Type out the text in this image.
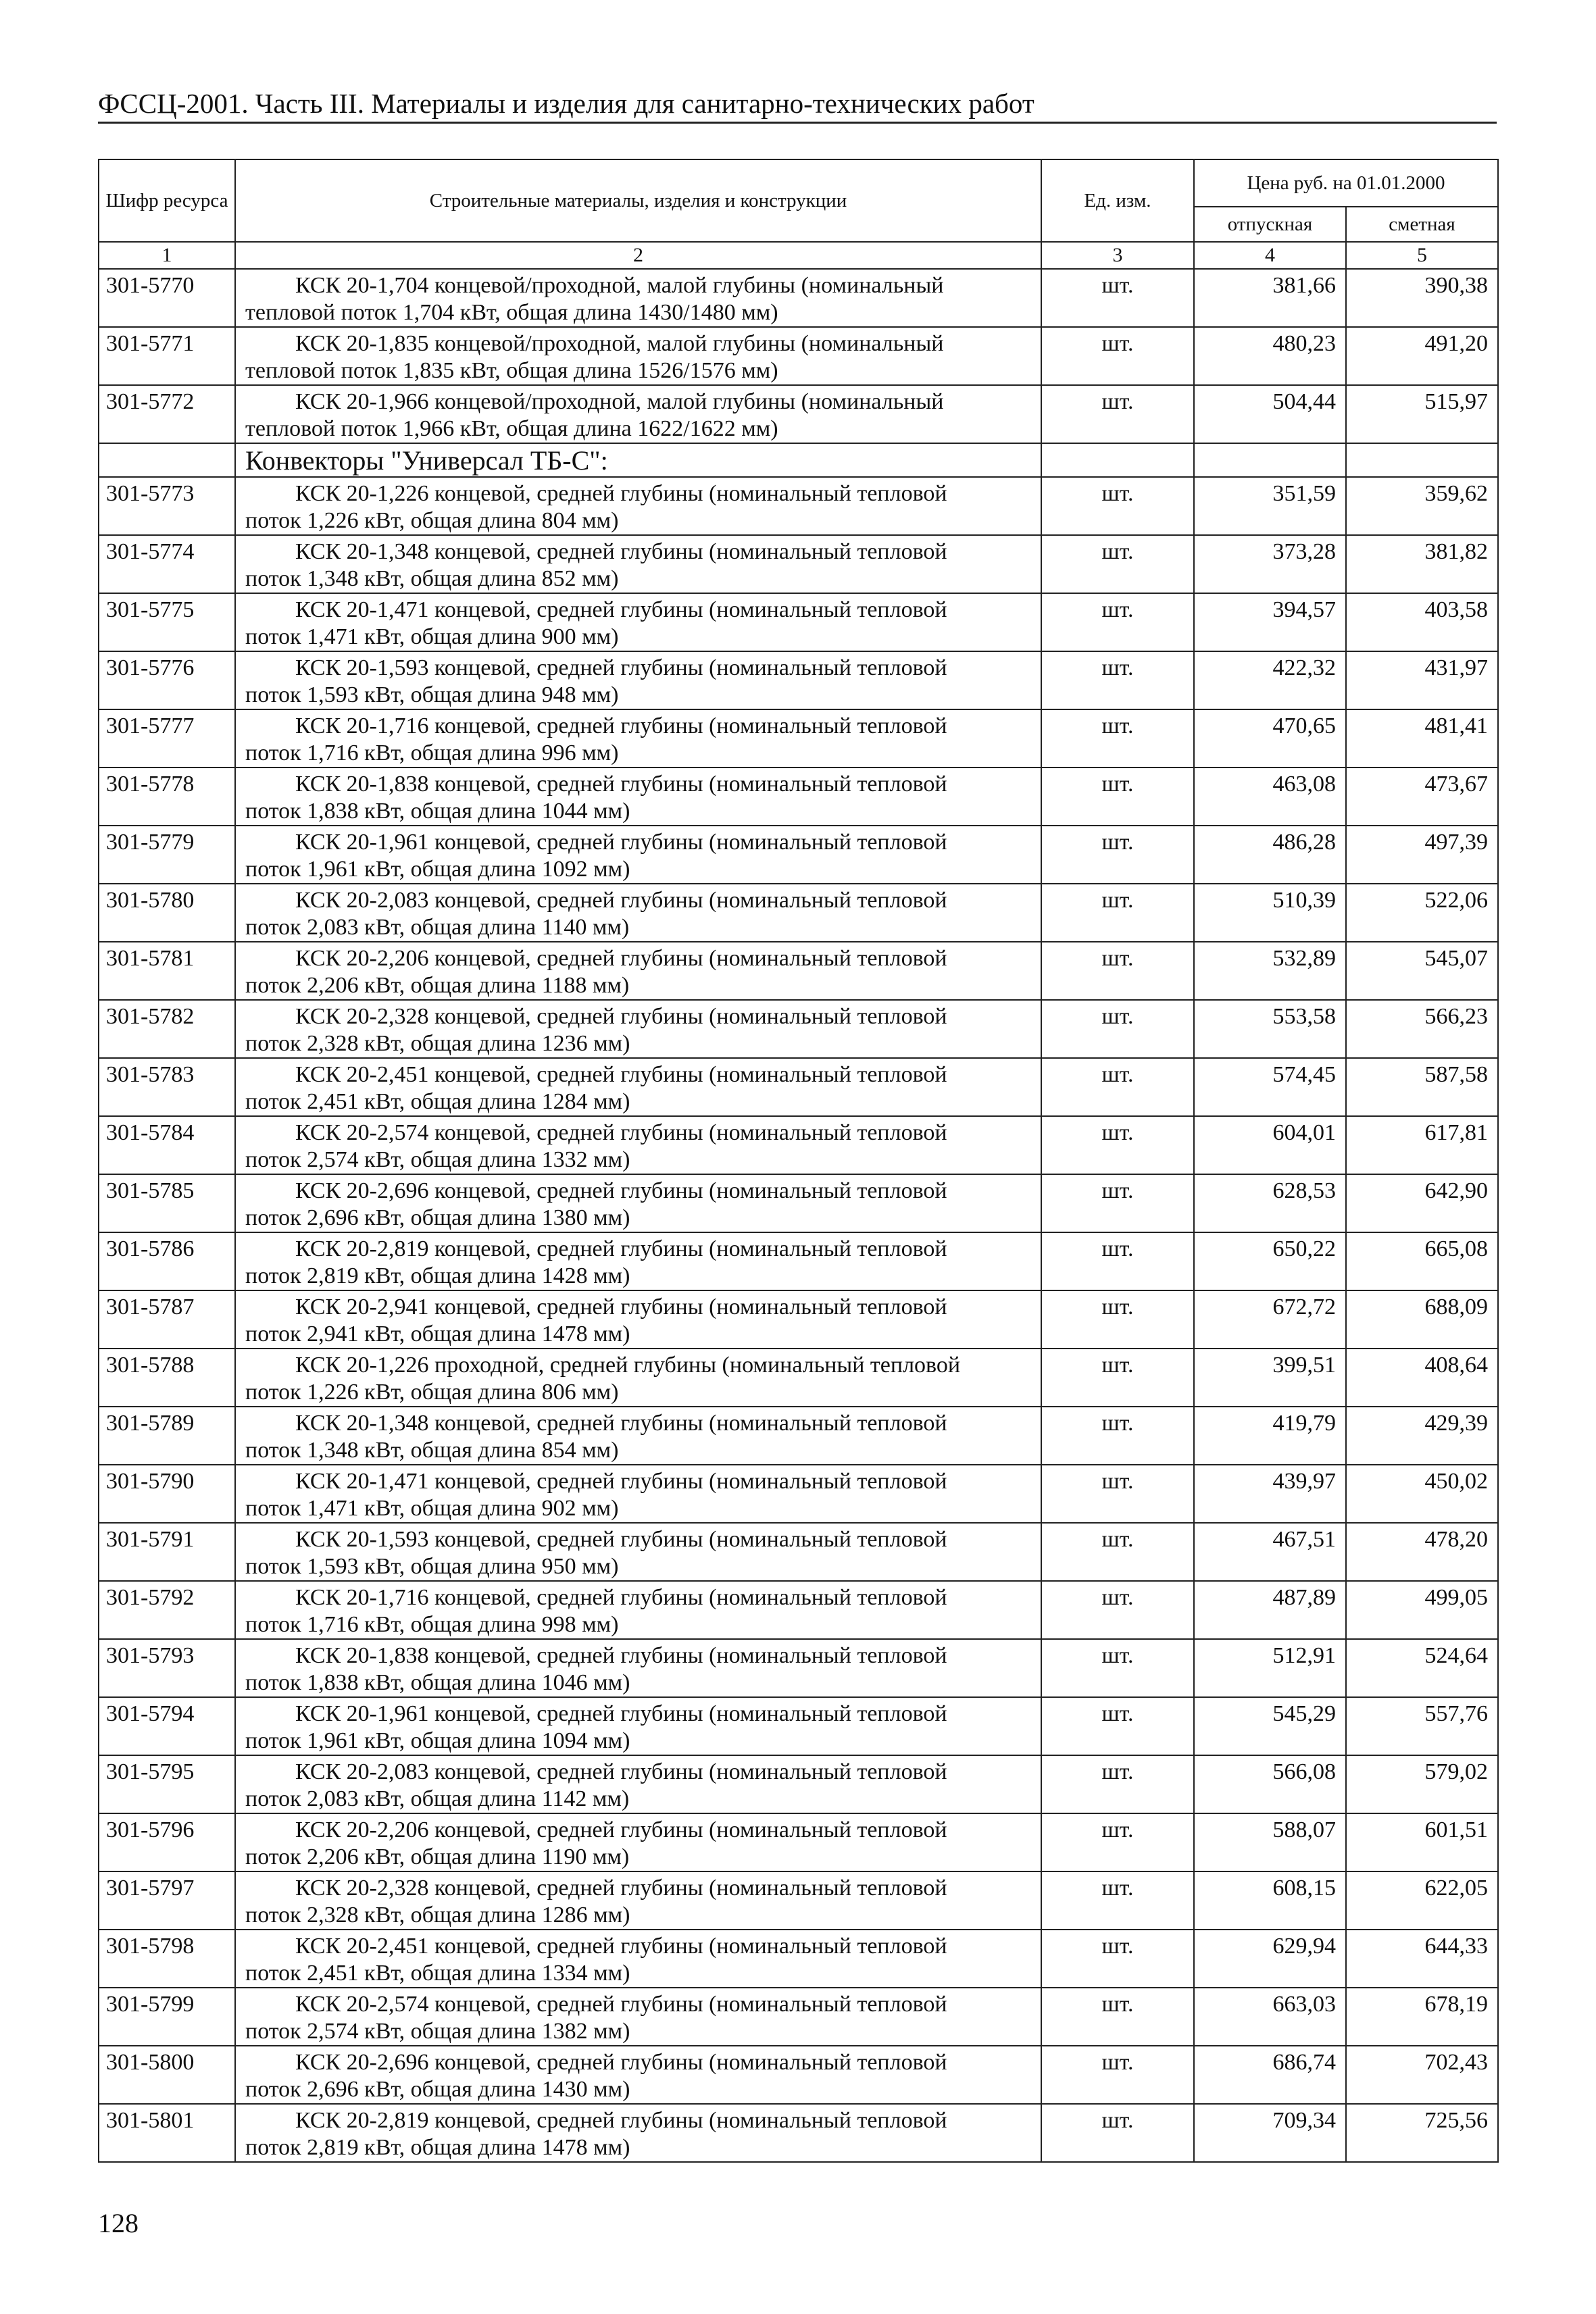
ФССЦ-2001. Часть III. Материалы и изделия для санитарно-технических работ
Шифр ресурса	Строительные материалы, изделия и конструкции	Ед. изм.	Цена руб. на 01.01.2000	
			отпускная	сметная
1	2	3	4	5
301-5770	КСК 20-1,704 концевой/проходной, малой глубины (номинальный
тепловой поток 1,704 кВт, общая длина 1430/1480 мм)	шт.	381,66	390,38
301-5771	КСК 20-1,835 концевой/проходной, малой глубины (номинальный
тепловой поток 1,835 кВт, общая длина 1526/1576 мм)	шт.	480,23	491,20
301-5772	КСК 20-1,966 концевой/проходной, малой глубины (номинальный
тепловой поток 1,966 кВт, общая длина 1622/1622 мм)	шт.	504,44	515,97
	Конвекторы "Универсал ТБ-С":			
301-5773	КСК 20-1,226 концевой, средней глубины (номинальный тепловой
поток 1,226 кВт, общая длина 804 мм)	шт.	351,59	359,62
301-5774	КСК 20-1,348 концевой, средней глубины (номинальный тепловой
поток 1,348 кВт, общая длина 852 мм)	шт.	373,28	381,82
301-5775	КСК 20-1,471 концевой, средней глубины (номинальный тепловой
поток 1,471 кВт, общая длина 900 мм)	шт.	394,57	403,58
301-5776	КСК 20-1,593 концевой, средней глубины (номинальный тепловой
поток 1,593 кВт, общая длина 948 мм)	шт.	422,32	431,97
301-5777	КСК 20-1,716 концевой, средней глубины (номинальный тепловой
поток 1,716 кВт, общая длина 996 мм)	шт.	470,65	481,41
301-5778	КСК 20-1,838 концевой, средней глубины (номинальный тепловой
поток 1,838 кВт, общая длина 1044 мм)	шт.	463,08	473,67
301-5779	КСК 20-1,961 концевой, средней глубины (номинальный тепловой
поток 1,961 кВт, общая длина 1092 мм)	шт.	486,28	497,39
301-5780	КСК 20-2,083 концевой, средней глубины (номинальный тепловой
поток 2,083 кВт, общая длина 1140 мм)	шт.	510,39	522,06
301-5781	КСК 20-2,206 концевой, средней глубины (номинальный тепловой
поток 2,206 кВт, общая длина 1188 мм)	шт.	532,89	545,07
301-5782	КСК 20-2,328 концевой, средней глубины (номинальный тепловой
поток 2,328 кВт, общая длина 1236 мм)	шт.	553,58	566,23
301-5783	КСК 20-2,451 концевой, средней глубины (номинальный тепловой
поток 2,451 кВт, общая длина 1284 мм)	шт.	574,45	587,58
301-5784	КСК 20-2,574 концевой, средней глубины (номинальный тепловой
поток 2,574 кВт, общая длина 1332 мм)	шт.	604,01	617,81
301-5785	КСК 20-2,696 концевой, средней глубины (номинальный тепловой
поток 2,696 кВт, общая длина 1380 мм)	шт.	628,53	642,90
301-5786	КСК 20-2,819 концевой, средней глубины (номинальный тепловой
поток 2,819 кВт, общая длина 1428 мм)	шт.	650,22	665,08
301-5787	КСК 20-2,941 концевой, средней глубины (номинальный тепловой
поток 2,941 кВт, общая длина 1478 мм)	шт.	672,72	688,09
301-5788	КСК 20-1,226 проходной, средней глубины (номинальный тепловой
поток 1,226 кВт, общая длина 806 мм)	шт.	399,51	408,64
301-5789	КСК 20-1,348 концевой, средней глубины (номинальный тепловой
поток 1,348 кВт, общая длина 854 мм)	шт.	419,79	429,39
301-5790	КСК 20-1,471 концевой, средней глубины (номинальный тепловой
поток 1,471 кВт, общая длина 902 мм)	шт.	439,97	450,02
301-5791	КСК 20-1,593 концевой, средней глубины (номинальный тепловой
поток 1,593 кВт, общая длина 950 мм)	шт.	467,51	478,20
301-5792	КСК 20-1,716 концевой, средней глубины (номинальный тепловой
поток 1,716 кВт, общая длина 998 мм)	шт.	487,89	499,05
301-5793	КСК 20-1,838 концевой, средней глубины (номинальный тепловой
поток 1,838 кВт, общая длина 1046 мм)	шт.	512,91	524,64
301-5794	КСК 20-1,961 концевой, средней глубины (номинальный тепловой
поток 1,961 кВт, общая длина 1094 мм)	шт.	545,29	557,76
301-5795	КСК 20-2,083 концевой, средней глубины (номинальный тепловой
поток 2,083 кВт, общая длина 1142 мм)	шт.	566,08	579,02
301-5796	КСК 20-2,206 концевой, средней глубины (номинальный тепловой
поток 2,206 кВт, общая длина 1190 мм)	шт.	588,07	601,51
301-5797	КСК 20-2,328 концевой, средней глубины (номинальный тепловой
поток 2,328 кВт, общая длина 1286 мм)	шт.	608,15	622,05
301-5798	КСК 20-2,451 концевой, средней глубины (номинальный тепловой
поток 2,451 кВт, общая длина 1334 мм)	шт.	629,94	644,33
301-5799	КСК 20-2,574 концевой, средней глубины (номинальный тепловой
поток 2,574 кВт, общая длина 1382 мм)	шт.	663,03	678,19
301-5800	КСК 20-2,696 концевой, средней глубины (номинальный тепловой
поток 2,696 кВт, общая длина 1430 мм)	шт.	686,74	702,43
301-5801	КСК 20-2,819 концевой, средней глубины (номинальный тепловой
поток 2,819 кВт, общая длина 1478 мм)	шт.	709,34	725,56
128
